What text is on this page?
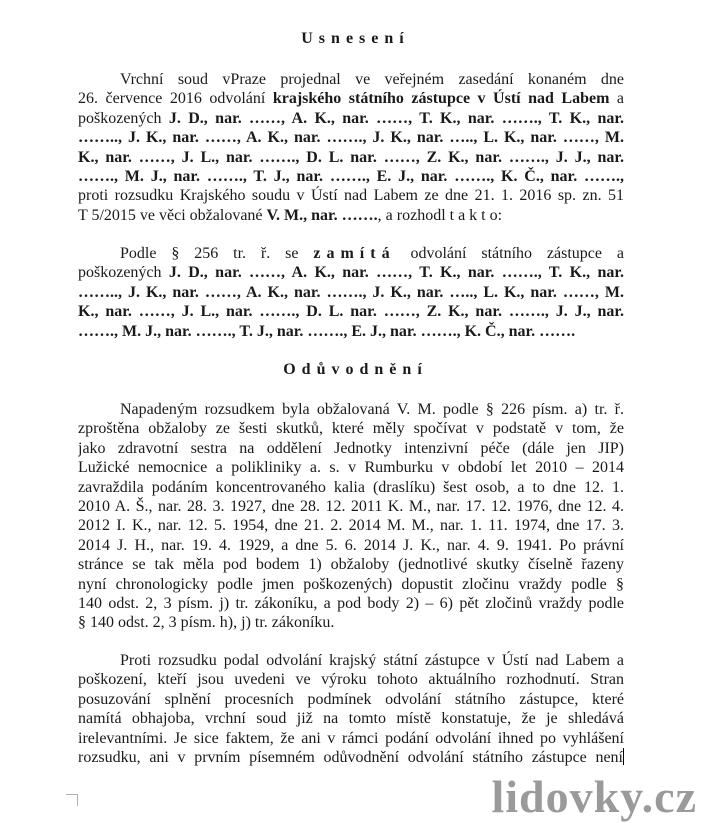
U s n e s e n í
Vrchní soud vPraze projednal ve veřejném zasedání konaném dne
26. července 2016 odvolání krajského státního zástupce v Ústí nad Labem a
poškozených J. D., nar. ……, A. K., nar. ……, T. K., nar. ……., T. K., nar.
…….., J. K., nar. ……, A. K., nar. ……., J. K., nar. ….., L. K., nar. ……, M.
K., nar. ……, J. L., nar. ……., D. L. nar. ……, Z. K., nar. ……., J. J., nar.
……., M. J., nar. ……., T. J., nar. ……., E. J., nar. ……., K. Č., nar. …….,
proti rozsudku Krajského soudu v Ústí nad Labem ze dne 21. 1. 2016 sp. zn. 51
T 5/2015 ve věci obžalované V. M., nar. ……., a rozhodl t a k t o:
Podle § 256 tr. ř. se zamítá odvolání státního zástupce a
poškozených J. D., nar. ……, A. K., nar. ……, T. K., nar. ……., T. K., nar.
…….., J. K., nar. ……, A. K., nar. ……., J. K., nar. ….., L. K., nar. ……, M.
K., nar. ……, J. L., nar. ……., D. L. nar. ……, Z. K., nar. ……., J. J., nar.
……., M. J., nar. ……., T. J., nar. ……., E. J., nar. ……., K. Č., nar. …….
O d ů v o d n ě n í
Napadeným rozsudkem byla obžalovaná V. M. podle § 226 písm. a) tr. ř.
zproštěna obžaloby ze šesti skutků, které měly spočívat v podstatě v tom, že
jako zdravotní sestra na oddělení Jednotky intenzivní péče (dále jen JIP)
Lužické nemocnice a polikliniky a. s. v Rumburku v období let 2010 – 2014
zavraždila podáním koncentrovaného kalia (draslíku) šest osob, a to dne 12. 1.
2010 A. Š., nar. 28. 3. 1927, dne 28. 12. 2011 K. M., nar. 17. 12. 1976, dne 12. 4.
2012 I. K., nar. 12. 5. 1954, dne 21. 2. 2014 M. M., nar. 1. 11. 1974, dne 17. 3.
2014 J. H., nar. 19. 4. 1929, a dne 5. 6. 2014 J. K., nar. 4. 9. 1941. Po právní
stránce se tak měla pod bodem 1) obžaloby (jednotlivé skutky číselně řazeny
nyní chronologicky podle jmen poškozených) dopustit zločinu vraždy podle §
140 odst. 2, 3 písm. j) tr. zákoníku, a pod body 2) – 6) pět zločinů vraždy podle
§ 140 odst. 2, 3 písm. h), j) tr. zákoníku.
Proti rozsudku podal odvolání krajský státní zástupce v Ústí nad Labem a
poškození, kteří jsou uvedeni ve výroku tohoto aktuálního rozhodnutí. Stran
posuzování splnění procesních podmínek odvolání státního zástupce, které
namítá obhajoba, vrchní soud již na tomto místě konstatuje, že je shledává
irelevantními. Je sice faktem, že ani v rámci podání odvolání ihned po vyhlášení
rozsudku, ani v prvním písemném odůvodnění odvolání státního zástupce není
lidovky.cz
